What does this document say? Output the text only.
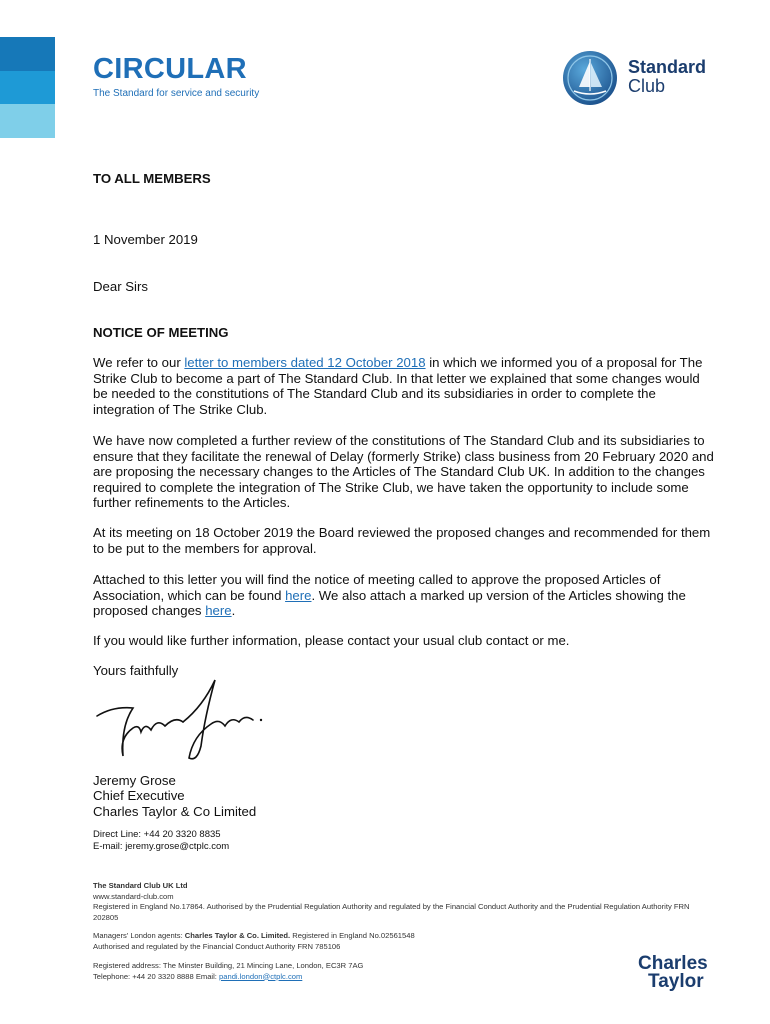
CIRCULAR
The Standard for service and security
Standard
Club
TO ALL MEMBERS
1 November 2019
Dear Sirs
NOTICE OF MEETING
We refer to our letter to members dated 12 October 2018 in which we informed you of a proposal for The Strike Club to become a part of The Standard Club. In that letter we explained that some changes would be needed to the constitutions of The Standard Club and its subsidiaries in order to complete the integration of The Strike Club.
We have now completed a further review of the constitutions of The Standard Club and its subsidiaries to ensure that they facilitate the renewal of Delay (formerly Strike) class business from 20 February 2020 and are proposing the necessary changes to the Articles of The Standard Club UK. In addition to the changes required to complete the integration of The Strike Club, we have taken the opportunity to include some further refinements to the Articles.
At its meeting on 18 October 2019 the Board reviewed the proposed changes and recommended for them to be put to the members for approval.
Attached to this letter you will find the notice of meeting called to approve the proposed Articles of Association, which can be found here. We also attach a marked up version of the Articles showing the proposed changes here.
If you would like further information, please contact your usual club contact or me.
Yours faithfully
Jeremy Grose
Chief Executive
Charles Taylor & Co Limited
Direct Line: +44 20 3320 8835
E-mail: jeremy.grose@ctplc.com
The Standard Club UK Ltd
www.standard-club.com
Registered in England No.17864. Authorised by the Prudential Regulation Authority and regulated by the Financial Conduct Authority and the Prudential Regulation Authority FRN 202805
Managers' London agents: Charles Taylor & Co. Limited. Registered in England No.02561548
Authorised and regulated by the Financial Conduct Authority FRN 785106
Registered address: The Minster Building, 21 Mincing Lane, London, EC3R 7AG
Telephone: +44 20 3320 8888 Email: pandi.london@ctplc.com
Charles
Taylor
